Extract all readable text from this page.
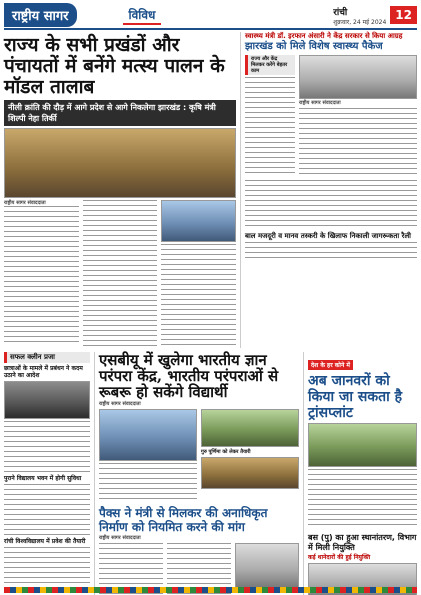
राष्ट्रीय सागर	विविध	रांची
शुक्रवार, 24 मई 2024 12
राज्य के सभी प्रखंडों और पंचायतों में बनेंगे मत्स्य पालन के मॉडल तालाब
नीली क्रांति की दौड़ में आगे प्रदेश से आगे निकलेगा झारखंड : कृषि मंत्री शिल्पी नेहा तिर्की
राष्ट्रीय सागर संवाददाता
स्वास्थ्य मंत्री डॉ. इरफान अंसारी ने केंद्र सरकार से किया आग्रह
झारखंड को मिले विशेष स्वास्थ्य पैकेज
राज्य और केंद्र मिलकर करेंगे बेहतर काम
राष्ट्रीय सागर संवाददाता
बाल मजदूरी व मानव तस्करी के खिलाफ निकाली जागरूकता रैली
सफल क्लीन प्रजा
छात्राओं के मामले में प्रबंधन ने कदम उठाने का आदेश
पुराने विद्यालय भवन में होगी सुविधा
रांची विश्वविद्यालय में प्रवेश की तैयारी
एसबीयू में खुलेगा भारतीय ज्ञान परंपरा केंद्र, भारतीय परंपराओं से रूबरू हो सकेंगे विद्यार्थी
राष्ट्रीय सागर संवाददाता
गुरु पूर्णिमा को लेकर तैयारी
पैक्स ने मंत्री से मिलकर की अनाधिकृत निर्माण को नियमित करने की मांग
राष्ट्रीय सागर संवाददाता
देश के हर कोने में
अब जानवरों को किया जा सकता है ट्रांसप्लांट
बस (पु) का हुआ स्थानांतरण, विभाग में मिली नियुक्ति
कई थानेदारों की हुई नियुक्ति
